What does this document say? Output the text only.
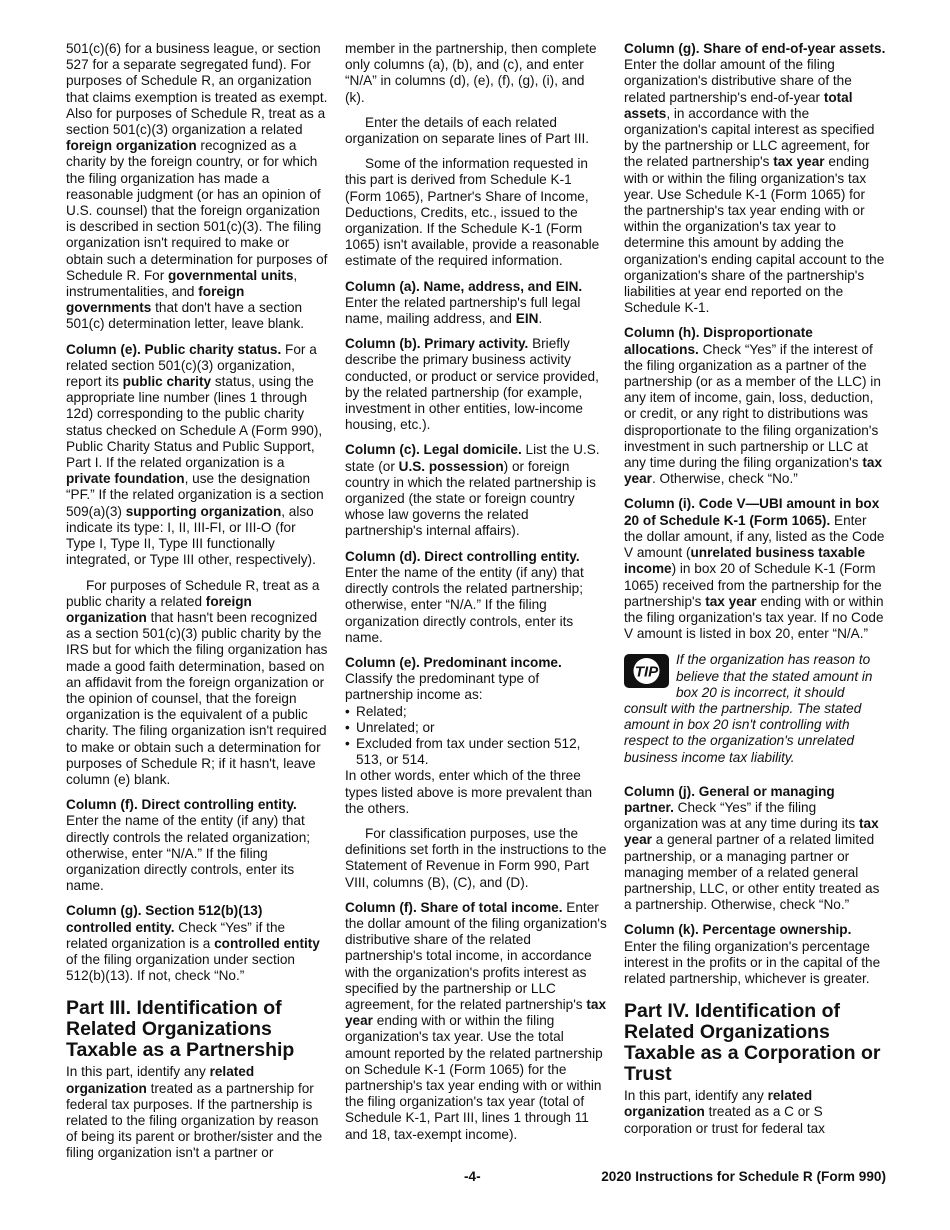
501(c)(6) for a business league, or section 527 for a separate segregated fund). For purposes of Schedule R, an organization that claims exemption is treated as exempt. Also for purposes of Schedule R, treat as a section 501(c)(3) organization a related foreign organization recognized as a charity by the foreign country, or for which the filing organization has made a reasonable judgment (or has an opinion of U.S. counsel) that the foreign organization is described in section 501(c)(3). The filing organization isn't required to make or obtain such a determination for purposes of Schedule R. For governmental units, instrumentalities, and foreign governments that don't have a section 501(c) determination letter, leave blank.

Column (e). Public charity status. For a related section 501(c)(3) organization, report its public charity status, using the appropriate line number (lines 1 through 12d) corresponding to the public charity status checked on Schedule A (Form 990), Public Charity Status and Public Support, Part I. If the related organization is a private foundation, use the designation “PF.” If the related organization is a section 509(a)(3) supporting organization, also indicate its type: I, II, III-FI, or III-O (for Type I, Type II, Type III functionally integrated, or Type III other, respectively).

For purposes of Schedule R, treat as a public charity a related foreign organization that hasn't been recognized as a section 501(c)(3) public charity by the IRS but for which the filing organization has made a good faith determination, based on an affidavit from the foreign organization or the opinion of counsel, that the foreign organization is the equivalent of a public charity. The filing organization isn't required to make or obtain such a determination for purposes of Schedule R; if it hasn't, leave column (e) blank.

Column (f). Direct controlling entity. Enter the name of the entity (if any) that directly controls the related organization; otherwise, enter “N/A.” If the filing organization directly controls, enter its name.

Column (g). Section 512(b)(13) controlled entity. Check “Yes” if the related organization is a controlled entity of the filing organization under section 512(b)(13). If not, check “No.”

Part III. Identification of Related Organizations Taxable as a Partnership

In this part, identify any related organization treated as a partnership for federal tax purposes. If the partnership is related to the filing organization by reason of being its parent or brother/sister and the filing organization isn't a partner or

member in the partnership, then complete only columns (a), (b), and (c), and enter “N/A” in columns (d), (e), (f), (g), (i), and (k).

Enter the details of each related organization on separate lines of Part III.

Some of the information requested in this part is derived from Schedule K-1 (Form 1065), Partner's Share of Income, Deductions, Credits, etc., issued to the organization. If the Schedule K-1 (Form 1065) isn't available, provide a reasonable estimate of the required information.

Column (a). Name, address, and EIN. Enter the related partnership's full legal name, mailing address, and EIN.

Column (b). Primary activity. Briefly describe the primary business activity conducted, or product or service provided, by the related partnership (for example, investment in other entities, low-income housing, etc.).

Column (c). Legal domicile. List the U.S. state (or U.S. possession) or foreign country in which the related partnership is organized (the state or foreign country whose law governs the related partnership's internal affairs).

Column (d). Direct controlling entity. Enter the name of the entity (if any) that directly controls the related partnership; otherwise, enter “N/A.” If the filing organization directly controls, enter its name.

Column (e). Predominant income. Classify the predominant type of partnership income as:

• Related;
• Unrelated; or
• Excluded from tax under section 512, 513, or 514.

In other words, enter which of the three types listed above is more prevalent than the others.

For classification purposes, use the definitions set forth in the instructions to the Statement of Revenue in Form 990, Part VIII, columns (B), (C), and (D).

Column (f). Share of total income. Enter the dollar amount of the filing organization's distributive share of the related partnership's total income, in accordance with the organization's profits interest as specified by the partnership or LLC agreement, for the related partnership's tax year ending with or within the filing organization's tax year. Use the total amount reported by the related partnership on Schedule K-1 (Form 1065) for the partnership's tax year ending with or within the filing organization's tax year (total of Schedule K-1, Part III, lines 1 through 11 and 18, tax-exempt income).

Column (g). Share of end-of-year assets. Enter the dollar amount of the filing organization's distributive share of the related partnership's end-of-year total assets, in accordance with the organization's capital interest as specified by the partnership or LLC agreement, for the related partnership's tax year ending with or within the filing organization's tax year. Use Schedule K-1 (Form 1065) for the partnership's tax year ending with or within the organization's tax year to determine this amount by adding the organization's ending capital account to the organization's share of the partnership's liabilities at year end reported on the Schedule K-1.

Column (h). Disproportionate allocations. Check “Yes” if the interest of the filing organization as a partner of the partnership (or as a member of the LLC) in any item of income, gain, loss, deduction, or credit, or any right to distributions was disproportionate to the filing organization's investment in such partnership or LLC at any time during the filing organization's tax year. Otherwise, check “No.”

Column (i). Code V—UBI amount in box 20 of Schedule K-1 (Form 1065). Enter the dollar amount, if any, listed as the Code V amount (unrelated business taxable income) in box 20 of Schedule K-1 (Form 1065) received from the partnership for the partnership's tax year ending with or within the filing organization's tax year. If no Code V amount is listed in box 20, enter “N/A.”

TIP
If the organization has reason to believe that the stated amount in box 20 is incorrect, it should consult with the partnership. The stated amount in box 20 isn't controlling with respect to the organization's unrelated business income tax liability.

Column (j). General or managing partner. Check “Yes” if the filing organization was at any time during its tax year a general partner of a related limited partnership, or a managing partner or managing member of a related general partnership, LLC, or other entity treated as a partnership. Otherwise, check “No.”

Column (k). Percentage ownership. Enter the filing organization's percentage interest in the profits or in the capital of the related partnership, whichever is greater.

Part IV. Identification of Related Organizations Taxable as a Corporation or Trust

In this part, identify any related organization treated as a C or S corporation or trust for federal tax

-4-	2020 Instructions for Schedule R (Form 990)
